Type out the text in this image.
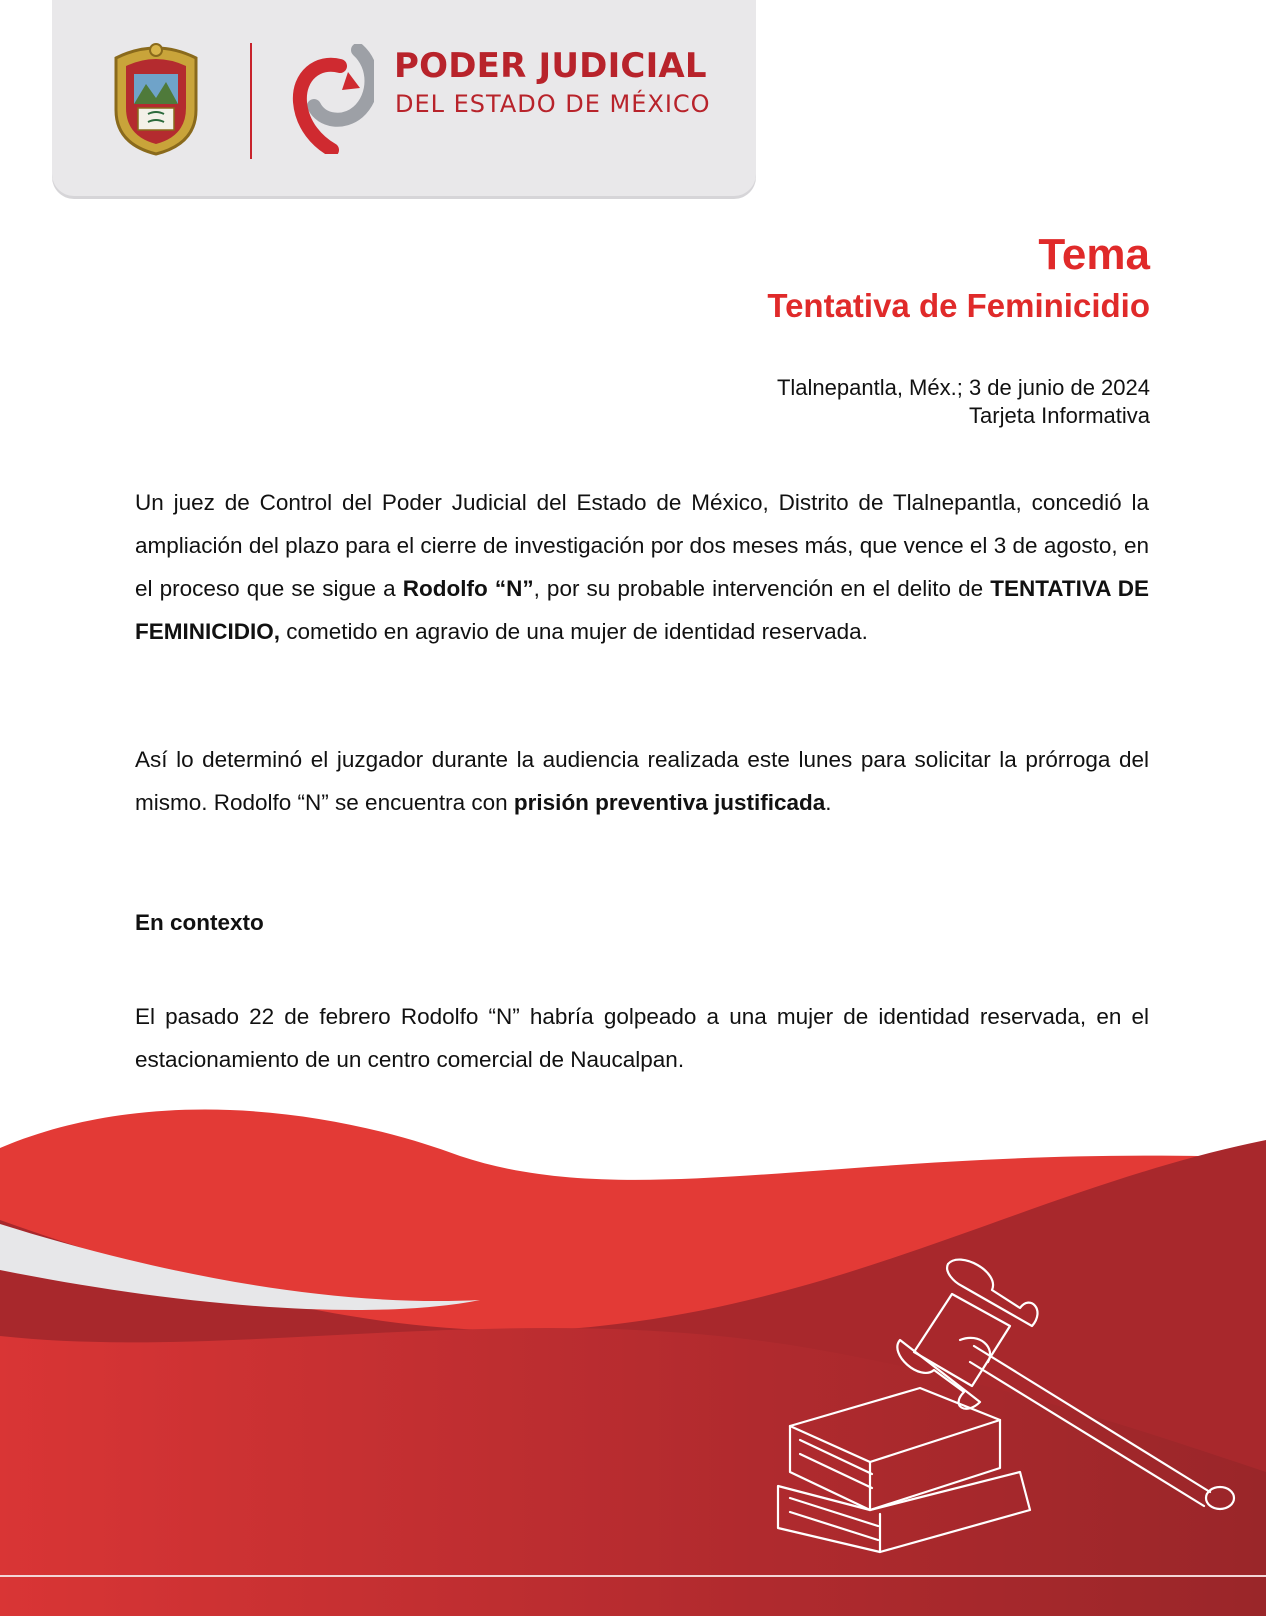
PODER JUDICIAL
DEL ESTADO DE MÉXICO
Tema
Tentativa de Feminicidio
Tlalnepantla, Méx.; 3 de junio de 2024
Tarjeta Informativa
Un juez de Control del Poder Judicial del Estado de México, Distrito de Tlalnepantla, concedió la ampliación del plazo para el cierre de investigación por dos meses más, que vence el 3 de agosto, en el proceso que se sigue a Rodolfo “N”, por su probable intervención en el delito de TENTATIVA DE FEMINICIDIO, cometido en agravio de una mujer de identidad reservada.
Así lo determinó el juzgador durante la audiencia realizada este lunes para solicitar la prórroga del mismo. Rodolfo “N” se encuentra con prisión preventiva justificada.
En contexto
El pasado 22 de febrero Rodolfo “N” habría golpeado a una mujer de identidad reservada, en el estacionamiento de un centro comercial de Naucalpan.
